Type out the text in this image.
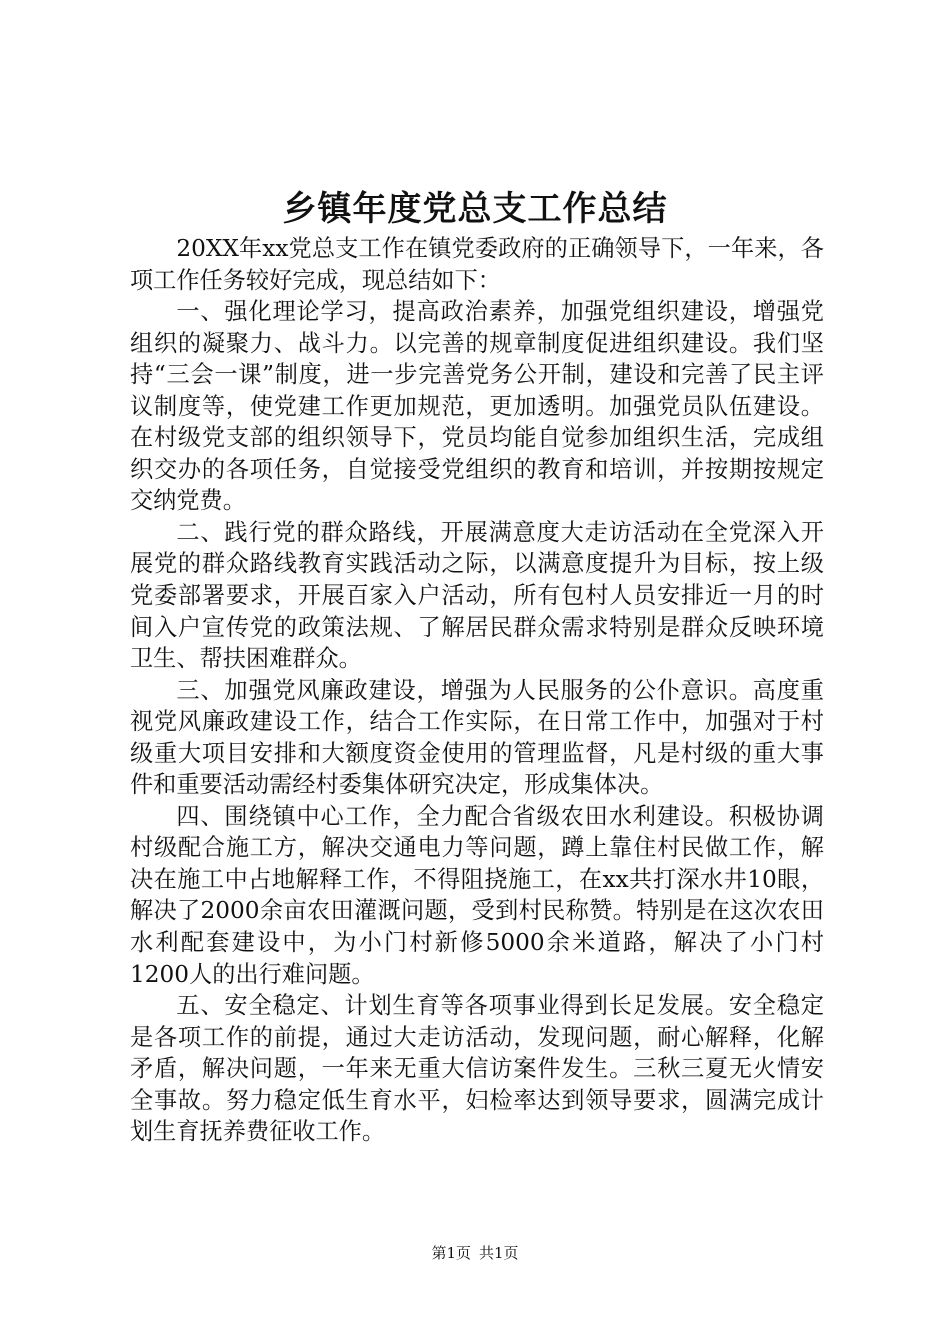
乡镇年度党总支工作总结

20XX年xx党总支工作在镇党委政府的正确领导下，一年来，各项工作任务较好完成，现总结如下：

一、强化理论学习，提高政治素养，加强党组织建设，增强党组织的凝聚力、战斗力。以完善的规章制度促进组织建设。我们坚持“三会一课”制度，进一步完善党务公开制，建设和完善了民主评议制度等，使党建工作更加规范，更加透明。加强党员队伍建设。在村级党支部的组织领导下，党员均能自觉参加组织生活，完成组织交办的各项任务，自觉接受党组织的教育和培训，并按期按规定交纳党费。

二、践行党的群众路线，开展满意度大走访活动在全党深入开展党的群众路线教育实践活动之际，以满意度提升为目标，按上级党委部署要求，开展百家入户活动，所有包村人员安排近一月的时间入户宣传党的政策法规、了解居民群众需求特别是群众反映环境卫生、帮扶困难群众。

三、加强党风廉政建设，增强为人民服务的公仆意识。高度重视党风廉政建设工作，结合工作实际，在日常工作中，加强对于村级重大项目安排和大额度资金使用的管理监督，凡是村级的重大事件和重要活动需经村委集体研究决定，形成集体决。

四、围绕镇中心工作，全力配合省级农田水利建设。积极协调村级配合施工方，解决交通电力等问题，蹲上靠住村民做工作，解决在施工中占地解释工作，不得阻挠施工，在xx共打深水井10眼，解决了2000余亩农田灌溉问题，受到村民称赞。特别是在这次农田水利配套建设中，为小门村新修5000余米道路，解决了小门村1200人的出行难问题。

五、安全稳定、计划生育等各项事业得到长足发展。安全稳定是各项工作的前提，通过大走访活动，发现问题，耐心解释，化解矛盾，解决问题，一年来无重大信访案件发生。三秋三夏无火情安全事故。努力稳定低生育水平，妇检率达到领导要求，圆满完成计划生育抚养费征收工作。

第1页 共1页
